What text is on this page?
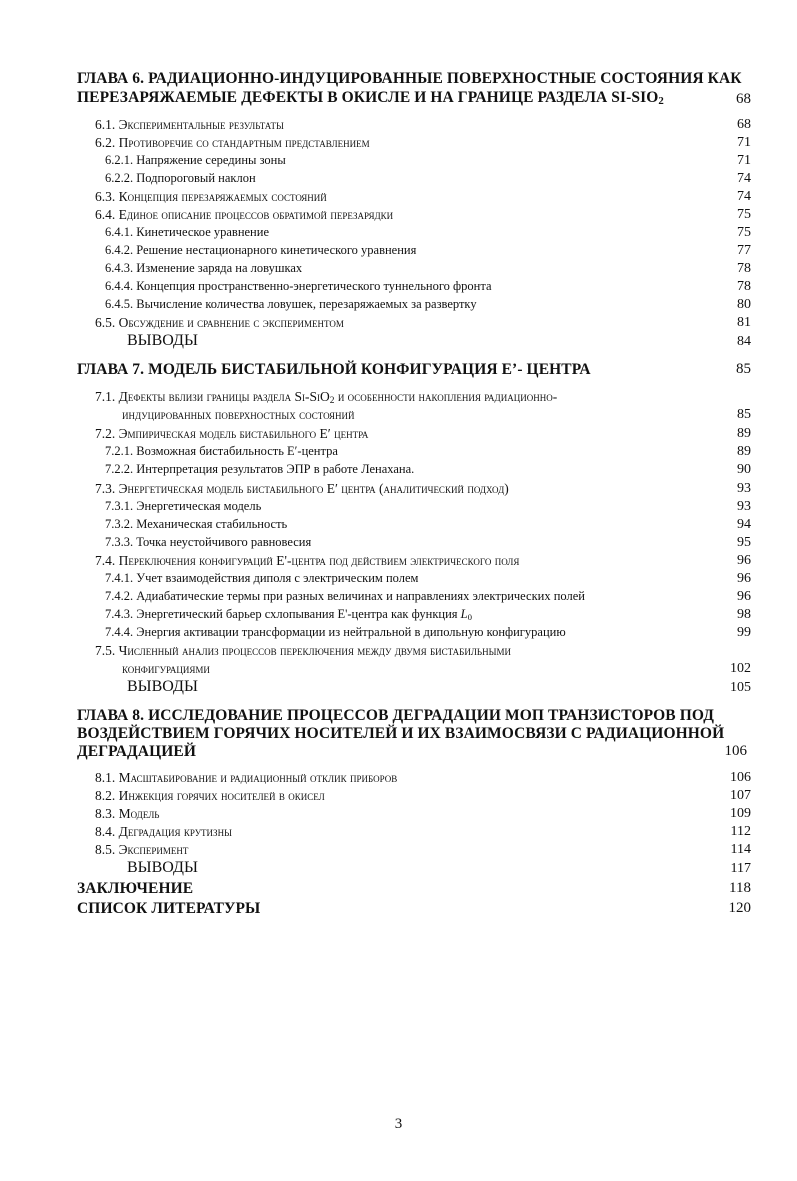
ГЛАВА 6. РАДИАЦИОННО-ИНДУЦИРОВАННЫЕ ПОВЕРХНОСТНЫЕ СОСТОЯНИЯ КАК
ПЕРЕЗАРЯЖАЕМЫЕ ДЕФЕКТЫ В ОКИСЛЕ И НА ГРАНИЦЕ РАЗДЕЛА $SI-SIO_2$	68
6.1. Экспериментальные результаты	68
6.2. Противоречие со стандартным представлением	71
6.2.1. Напряжение середины зоны	71
6.2.2. Подпороговый наклон	74
6.3. Концепция перезаряжаемых состояний	74
6.4. Единое описание процессов обратимой перезарядки	75
6.4.1. Кинетическое уравнение	75
6.4.2. Решение нестационарного кинетического уравнения	77
6.4.3. Изменение заряда на ловушках	78
6.4.4. Концепция пространственно-энергетического туннельного фронта	78
6.4.5. Вычисление количества ловушек, перезаряжаемых за развертку	80
6.5. Обсуждение и сравнение с экспериментом	81
ВЫВОДЫ	84
ГЛАВА 7. МОДЕЛЬ БИСТАБИЛЬНОЙ КОНФИГУРАЦИЯ E’- ЦЕНТРА	85
7.1. Дефекты вблизи границы раздела Si-SiO$_2$ и особенности накопления радиационно-
индуцированных поверхностных состояний	85
7.2. Эмпирическая модель бистабильного E′ центра	89
7.2.1. Возможная бистабильность E′-центра	89
7.2.2. Интерпретация результатов ЭПР в работе Ленахана.	90
7.3. Энергетическая модель бистабильного E′ центра (аналитический подход)	93
7.3.1. Энергетическая модель	93
7.3.2. Механическая стабильность	94
7.3.3. Точка неустойчивого равновесия	95
7.4. Переключения конфигураций E'-центра под действием электрического поля	96
7.4.1. Учет взаимодействия диполя с электрическим полем	96
7.4.2. Адиабатические термы при разных величинах и направлениях электрических полей	96
7.4.3. Энергетический барьер схлопывания E'-центра как функция $L_0$	98
7.4.4. Энергия активации трансформации из нейтральной в дипольную конфигурацию	99
7.5. Численный анализ процессов переключения между двумя бистабильными
конфигурациями	102
ВЫВОДЫ	105
ГЛАВА 8. ИССЛЕДОВАНИЕ ПРОЦЕССОВ ДЕГРАДАЦИИ МОП ТРАНЗИСТОРОВ ПОД
ВОЗДЕЙСТВИЕМ ГОРЯЧИХ НОСИТЕЛЕЙ И ИХ ВЗАИМОСВЯЗИ С РАДИАЦИОННОЙ
ДЕГРАДАЦИЕЙ	106
8.1. Масштабирование и радиационный отклик приборов	106
8.2. Инжекция горячих носителей в окисел	107
8.3. Модель	109
8.4. Деградация крутизны	112
8.5. Эксперимент	114
ВЫВОДЫ	117
ЗАКЛЮЧЕНИЕ	118
СПИСОК ЛИТЕРАТУРЫ	120
3
